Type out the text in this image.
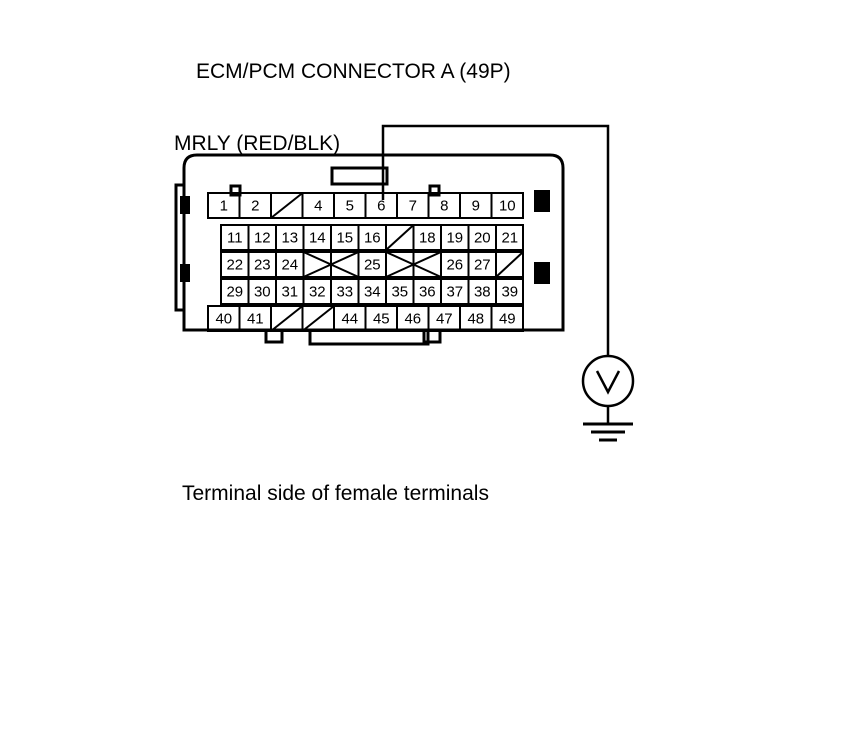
ECM/PCM CONNECTOR A (49P)
MRLY (RED/BLK)
Terminal side of female terminals
1 2	4 5 6 7 8 9 10
11 12 13 14 15 16	18 19 20 21
22 23 24	25	26 27
29 30 31 32 33 34 35 36 37 38 39
40 41	44 45 46 47 48 49
